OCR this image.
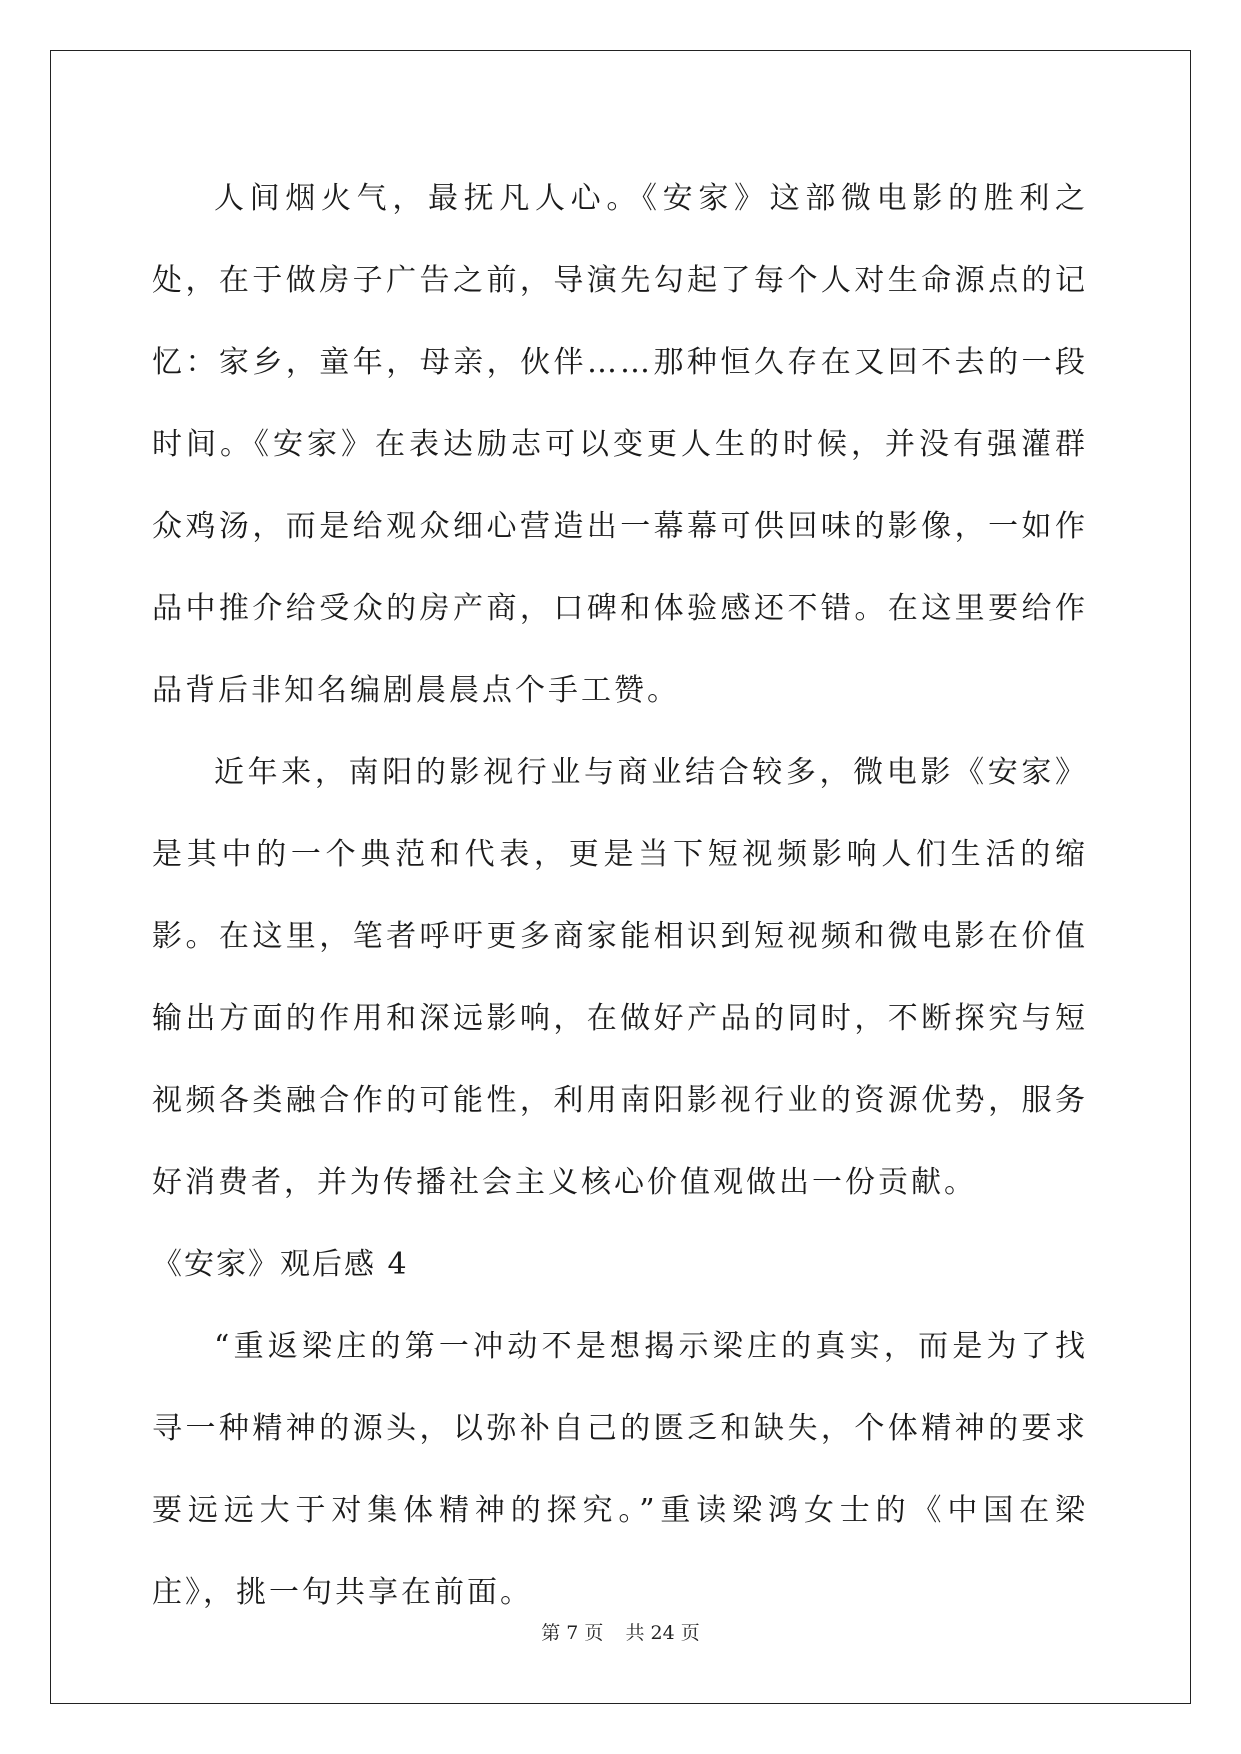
人间烟火气，最抚凡人心。《安家》这部微电影的胜利之处，在于做房子广告之前，导演先勾起了每个人对生命源点的记忆：家乡，童年，母亲，伙伴……那种恒久存在又回不去的一段时间。《安家》在表达励志可以变更人生的时候，并没有强灌群众鸡汤，而是给观众细心营造出一幕幕可供回味的影像，一如作品中推介给受众的房产商，口碑和体验感还不错。在这里要给作品背后非知名编剧晨晨点个手工赞。

近年来，南阳的影视行业与商业结合较多，微电影《安家》是其中的一个典范和代表，更是当下短视频影响人们生活的缩影。在这里，笔者呼吁更多商家能相识到短视频和微电影在价值输出方面的作用和深远影响，在做好产品的同时，不断探究与短视频各类融合作的可能性，利用南阳影视行业的资源优势，服务好消费者，并为传播社会主义核心价值观做出一份贡献。

《安家》观后感 4

“重返梁庄的第一冲动不是想揭示梁庄的真实，而是为了找寻一种精神的源头，以弥补自己的匮乏和缺失，个体精神的要求要远远大于对集体精神的探究。”重读梁鸿女士的《中国在梁庄》，挑一句共享在前面。

第 7 页 共 24 页
